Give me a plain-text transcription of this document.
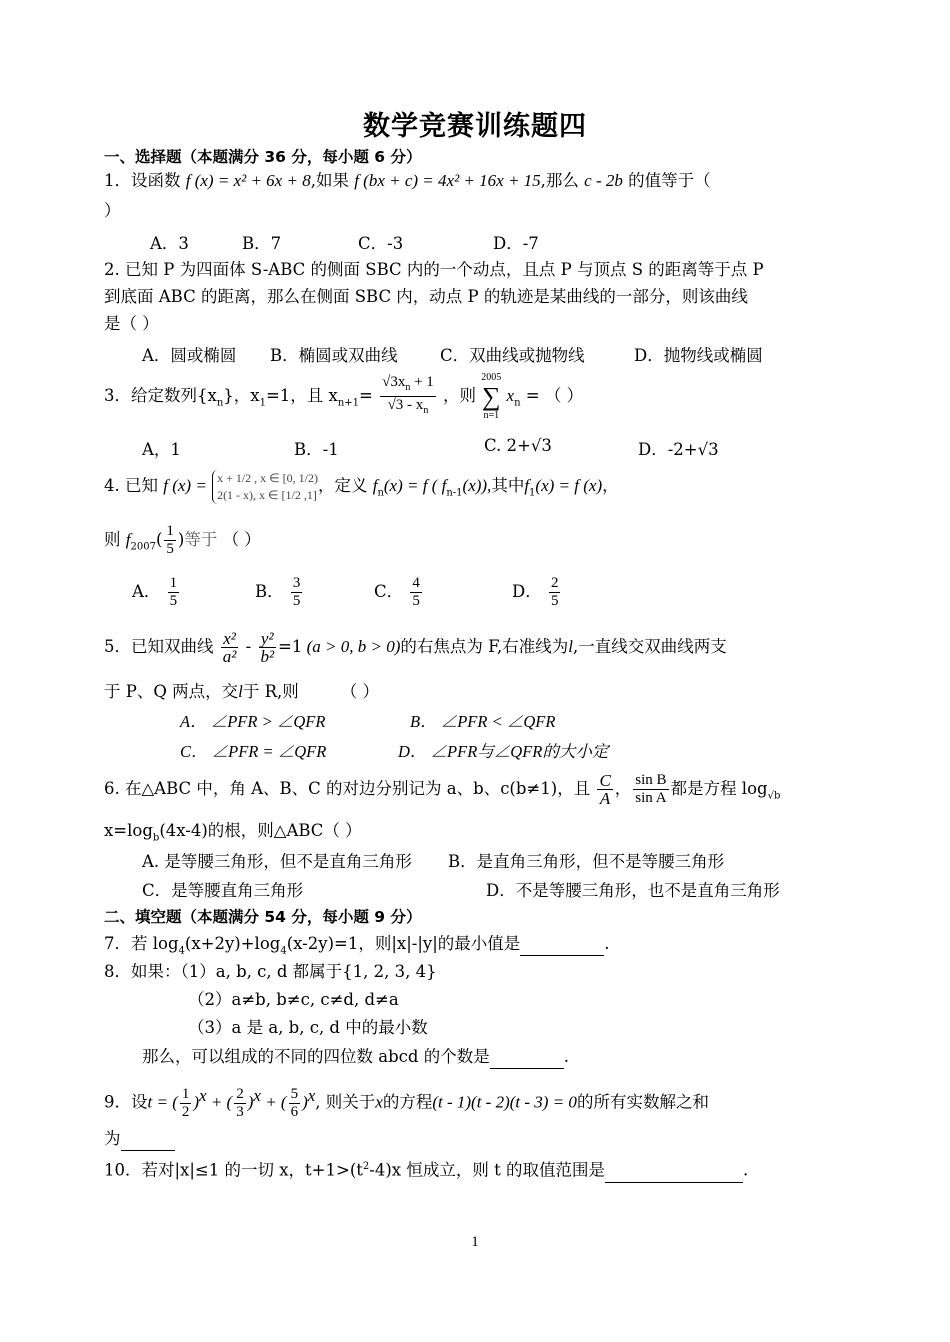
数学竞赛训练题四
一、选择题（本题满分 36 分，每小题 6 分）
1．设函数 f (x) = x² + 6x + 8,如果 f (bx + c) = 4x² + 16x + 15,那么 c - 2b 的值等于（
）
A．3	B．7	C．-3	D．-7
2. 已知 P 为四面体 S-ABC 的侧面 SBC 内的一个动点，且点 P 与顶点 S 的距离等于点 P
到底面 ABC 的距离，那么在侧面 SBC 内，动点 P 的轨迹是某曲线的一部分，则该曲线
是（ ）
A．圆或椭圆 B．椭圆或双曲线	C．双曲线或抛物线	D．抛物线或椭圆
3．给定数列$\{x_n\}$，$x_1=1$，且 $x_{n+1}= \frac{√3x_n + 1}{√3 - x_n}$ ，则
2005
∑
n=1
$x_n$ = （ ）
A，1	B．-1	C. 2+√3	D．-2+√3
4. 已知 f (x) = x + 1/2 , x ∈ [0, 1/2)
2(1 - x), x ∈ [1/2 ,1] ，定义 $f_n(x) = f$ ( $f_{n-1}(x)$),其中$f_1(x) = f$ (x)，
则 $f_{2007}( \frac{1}{5}$ )等于 （ ）
A． $\frac{1}{5}$	B． $\frac{3}{5}$	C． $\frac{4}{5}$	D． $\frac{2}{5}$
5．已知双曲线 $\frac{\text{x²}}{\text{a²}} - \frac{\text{y²}}{\text{b²}} =1$ (a > 0, b > 0)的右焦点为 F,右准线为l,一直线交双曲线两支
于 P、Q 两点，交l于 R,则	（ ）
A． ∠PFR > ∠QFR	B． ∠PFR < ∠QFR
C． ∠PFR = ∠QFR	D． ∠PFR与∠QFR的大小定
6. 在△ABC 中，角 A、B、C 的对边分别记为 a、b、c(b≠1)，且 $\frac{C}{A}$ ， $\frac{\text{sin B}}{\text{sin A}}$ 都是方程 $\log_{√b}$
$x=\log_b(4x-4)$的根，则△ABC（ ）
A. 是等腰三角形，但不是直角三角形 B．是直角三角形，但不是等腰三角形
C．是等腰直角三角形	D．不是等腰三角形，也不是直角三角形
二、填空题（本题满分 54 分，每小题 9 分）
7．若 $\log_4(x+2y)+\log_4(x-2y)=1$，则|x|-|y|的最小值是	.
8．如果：（1）a, b, c, d 都属于{1, 2, 3, 4}
（2）a≠b, b≠c, c≠d, d≠a
（3）a 是 a, b, c, d 中的最小数
那么，可以组成的不同的四位数 abcd 的个数是	.
9．设t = ( $\frac{1}{2} )^x$ + ( $\frac{2}{3} )^x$ + ( $\frac{5}{6} )^x$, 则关于x的方程(t - 1)(t - 2)(t - 3) = 0的所有实数解之和
为
10．若对|x|≤1 的一切 x，$t+1>(t^2-4)x$ 恒成立，则 t 的取值范围是	.
1
